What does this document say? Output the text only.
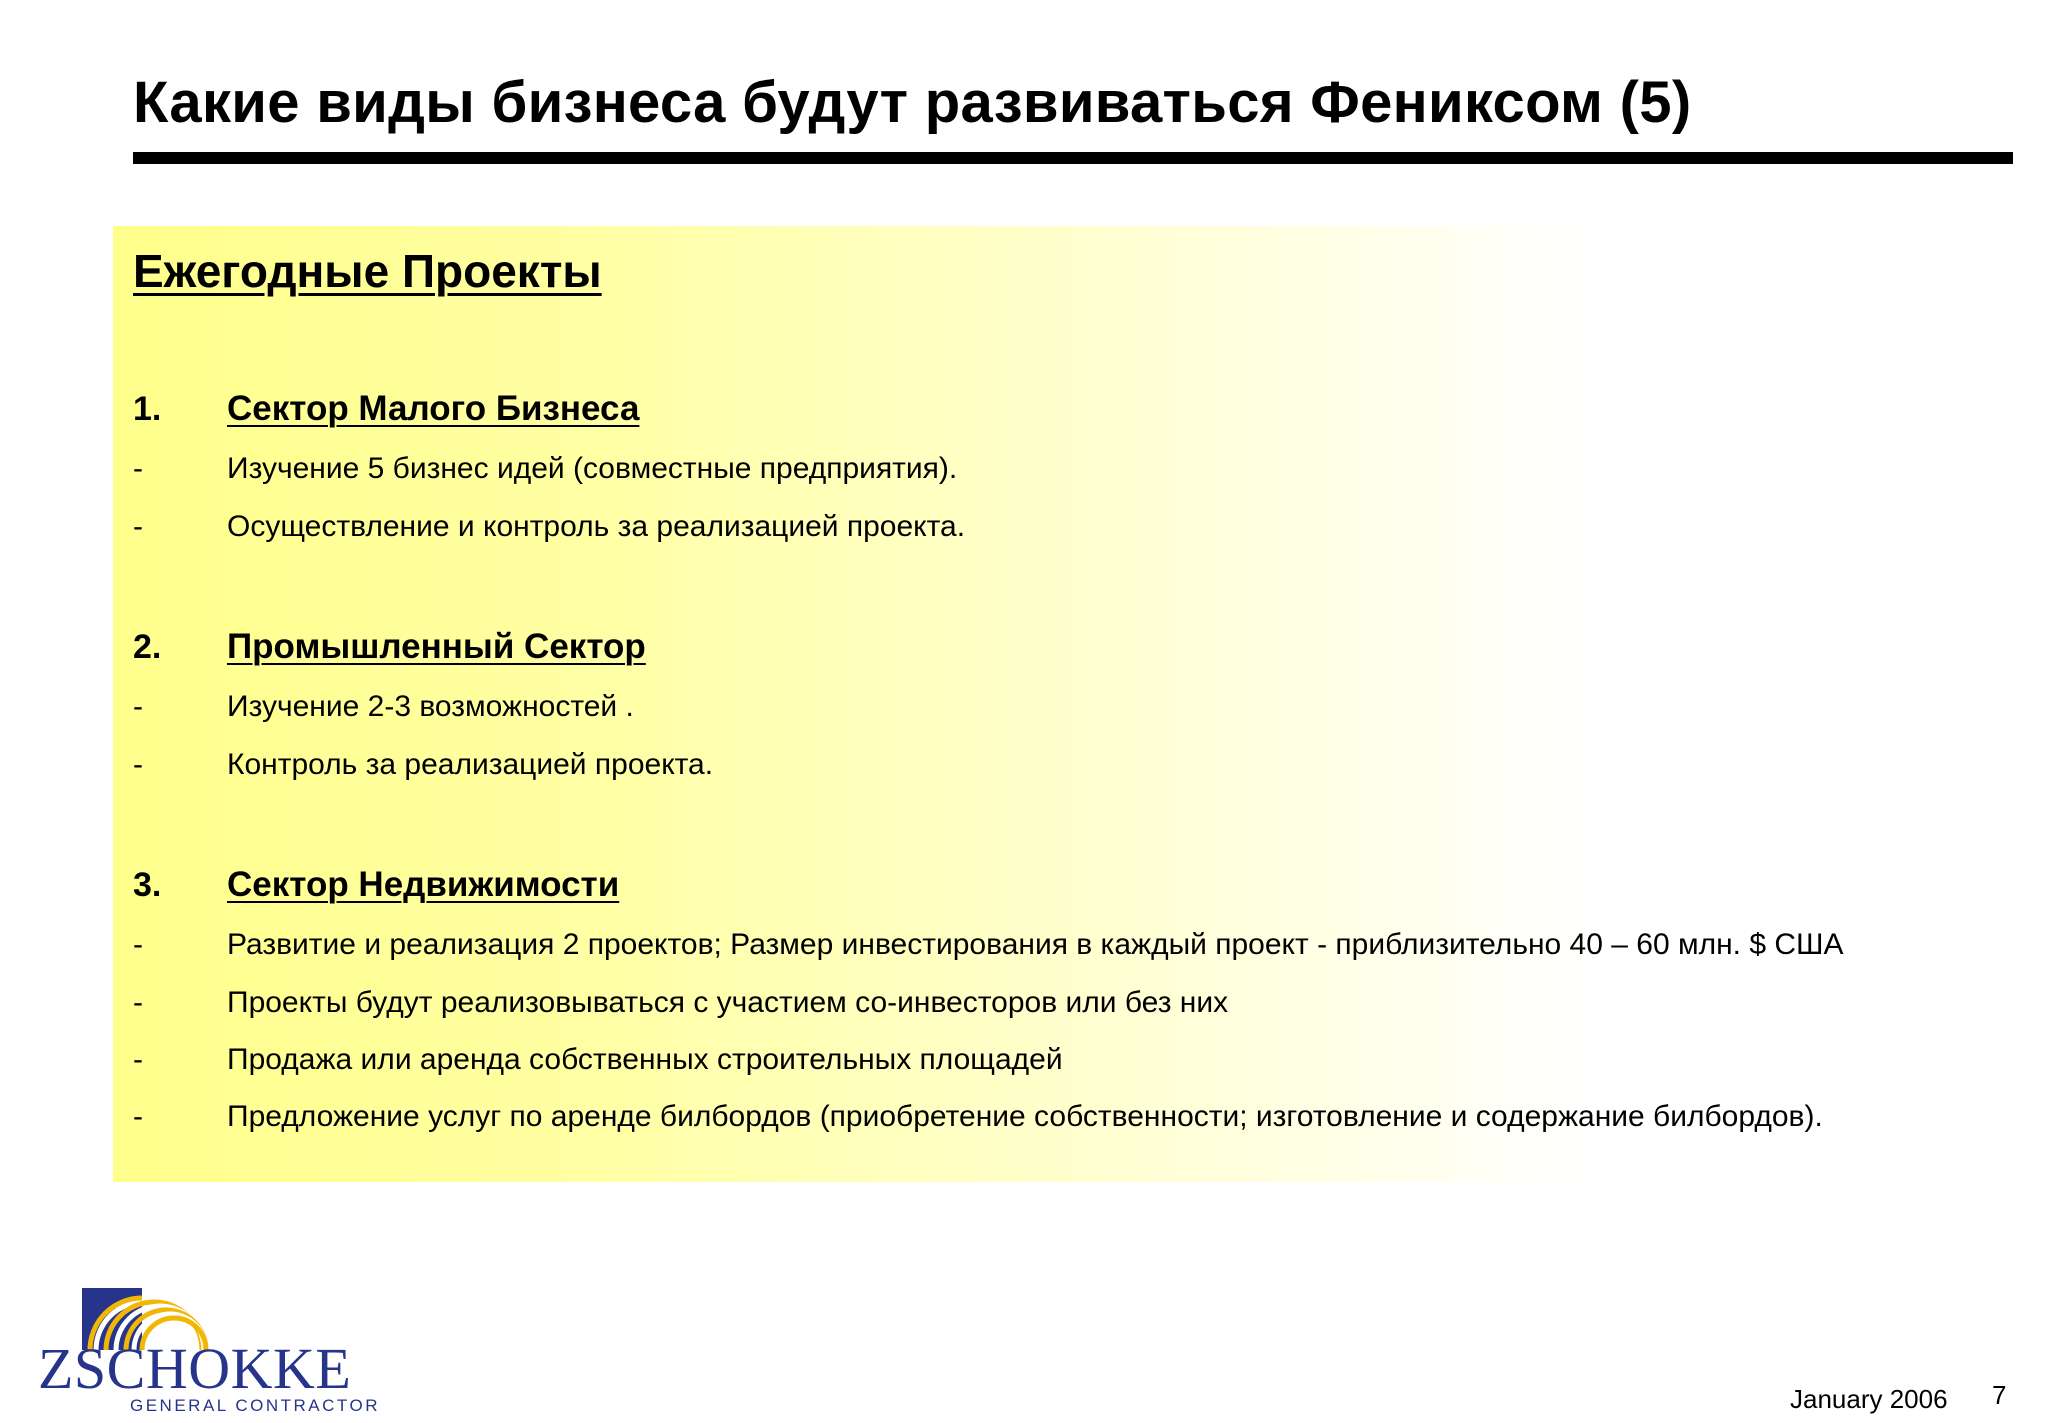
Какие виды бизнеса будут развиваться Фениксом (5)
Ежегодные Проекты
1. Сектор Малого Бизнеса
-	Изучение 5 бизнес идей (совместные предприятия).
-	Осуществление и контроль за реализацией проекта.
2. Промышленный Сектор
-	Изучение 2-3 возможностей .
-	Контроль за реализацией проекта.
3. Сектор Недвижимости
-	Развитие и реализация 2 проектов; Размер инвестирования в каждый проект - приблизительно 40 – 60 млн. $ США
-	Проекты будут реализовываться с участием со-инвесторов или без них
-	Продажа или аренда собственных строительных площадей
-	Предложение услуг по аренде билбордов (приобретение собственности; изготовление и содержание билбордов).
ZSCHOKKE
GENERAL CONTRACTOR	January 2006 7
